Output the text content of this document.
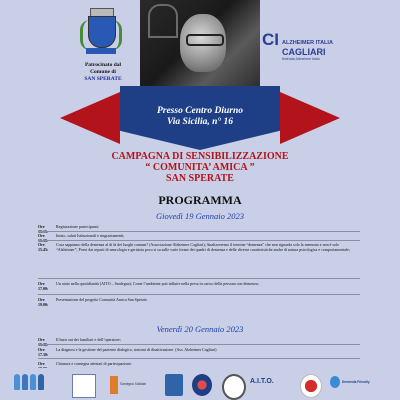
Patrocinato dal
Comune di
SAN SPERATE
Presso Centro Diurno
Via Sicilia, n° 16
CI ALZHEIMER ITALIA
CAGLIARI
federata Alzheimer Italia
CAMPAGNA DI SENSIBILIZZAZIONE
“ COMUNITA’ AMICA ”
SAN SPERATE
PROGRAMMA
Giovedì 19 Gennaio 2023
Ore 15.15:
Registrazione partecipanti;
Ore 15.30:
Inizio, saluti Istituzionali e ringraziamenti;
Ore 15.45:
Cosa sappiamo della demenza al di là dei luoghi comuni? (Associazione Alzheimer Cagliari); Analizzeremo il termine “demenza” che non riguarda solo la memoria e non è solo “Alzheimer”; Poesi dai reparti di neurologia e geriatria poco si sa sulle varie forme dei quadri di demenza e delle diverse caratteristiche anche di natura psicologica e comportamentale;
Ore 17.00:
Un aiuto nella quotidianità (AITO – Sardegna); Come l’ambiente può influire nella presa in carico della persona con demenza;
Ore 19.00:
Presentazione del progetto Comunità Amica San Sperate.
Venerdì 20 Gennaio 2023
Ore 15.30:
Il burn out dei familiari e dell’operatore;
Ore 17.30:
La diagnosi e la gestione del paziente dialogico, sintomi di disattivazione. (Ass. Alzheimer Cagliari)
Ore	Chiusura e consegna attestati di partecipazione.
Sardegna Solidale	A.I.T.O.	Dementia Friendly
